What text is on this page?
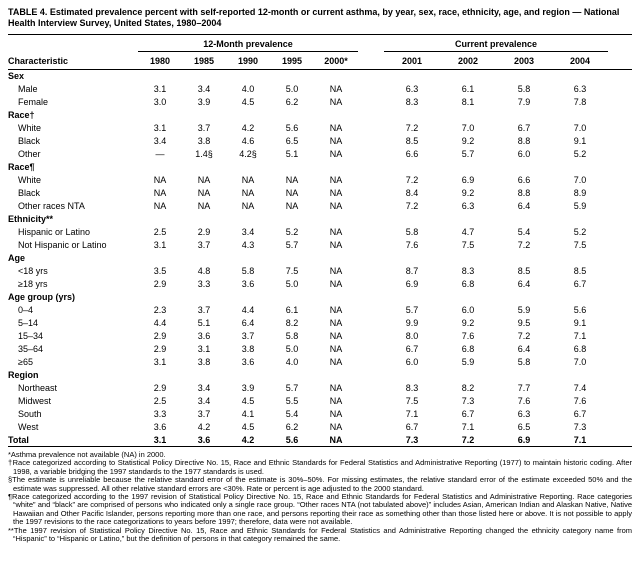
TABLE 4. Estimated prevalence percent with self-reported 12-month or current asthma, by year, sex, race, ethnicity, age, and region — National Health Interview Survey, United States, 1980–2004
Characteristic	12-Month prevalence						Current prevalence				
	1980	1985	1990	1995	2000*		2001	2002	2003	2004	
Sex											
Male	3.1	3.4	4.0	5.0	NA		6.3	6.1	5.8	6.3	
Female	3.0	3.9	4.5	6.2	NA		8.3	8.1	7.9	7.8	
Race†											
White	3.1	3.7	4.2	5.6	NA		7.2	7.0	6.7	7.0	
Black	3.4	3.8	4.6	6.5	NA		8.5	9.2	8.8	9.1	
Other	—	1.4§	4.2§	5.1	NA		6.6	5.7	6.0	5.2	
Race¶											
White	NA	NA	NA	NA	NA		7.2	6.9	6.6	7.0	
Black	NA	NA	NA	NA	NA		8.4	9.2	8.8	8.9	
Other races NTA	NA	NA	NA	NA	NA		7.2	6.3	6.4	5.9	
Ethnicity**											
Hispanic or Latino	2.5	2.9	3.4	5.2	NA		5.8	4.7	5.4	5.2	
Not Hispanic or Latino	3.1	3.7	4.3	5.7	NA		7.6	7.5	7.2	7.5	
Age											
<18 yrs	3.5	4.8	5.8	7.5	NA		8.7	8.3	8.5	8.5	
≥18 yrs	2.9	3.3	3.6	5.0	NA		6.9	6.8	6.4	6.7	
Age group (yrs)											
0–4	2.3	3.7	4.4	6.1	NA		5.7	6.0	5.9	5.6	
5–14	4.4	5.1	6.4	8.2	NA		9.9	9.2	9.5	9.1	
15–34	2.9	3.6	3.7	5.8	NA		8.0	7.6	7.2	7.1	
35–64	2.9	3.1	3.8	5.0	NA		6.7	6.8	6.4	6.8	
≥65	3.1	3.8	3.6	4.0	NA		6.0	5.9	5.8	7.0	
Region											
Northeast	2.9	3.4	3.9	5.7	NA		8.3	8.2	7.7	7.4	
Midwest	2.5	3.4	4.5	5.5	NA		7.5	7.3	7.6	7.6	
South	3.3	3.7	4.1	5.4	NA		7.1	6.7	6.3	6.7	
West	3.6	4.2	4.5	6.2	NA		6.7	7.1	6.5	7.3	
Total	3.1	3.6	4.2	5.6	NA		7.3	7.2	6.9	7.1	

*Asthma prevalence not available (NA) in 2000.

†Race categorized according to Statistical Policy Directive No. 15, Race and Ethnic Standards for Federal Statistics and Administrative Reporting (1977) to maintain historic coding. After 1998, a variable bridging the 1997 standards to the 1977 standards is used.

§The estimate is unreliable because the relative standard error of the estimate is 30%–50%. For missing estimates, the relative standard error of the estimate exceeded 50% and the estimate was suppressed. All other relative standard errors are <30%. Rate or percent is age adjusted to the 2000 standard.

¶Race categorized according to the 1997 revision of Statistical Policy Directive No. 15, Race and Ethnic Standards for Federal Statistics and Administrative Reporting. Race categories “white” and “black” are comprised of persons who indicated only a single race group. “Other races NTA (not tabulated above)” includes Asian, American Indian and Alaskan Native, Native Hawaiian and Other Pacific Islander, persons reporting more than one race, and persons reporting their race as something other than those listed here or above. It is not possible to apply the 1997 revisions to the race categorizations to years before 1997; therefore, data were not available.

**The 1997 revision of Statistical Policy Directive No. 15, Race and Ethnic Standards for Federal Statistics and Administrative Reporting changed the ethnicity category name from “Hispanic” to “Hispanic or Latino,” but the definition of persons in that category remained the same.
